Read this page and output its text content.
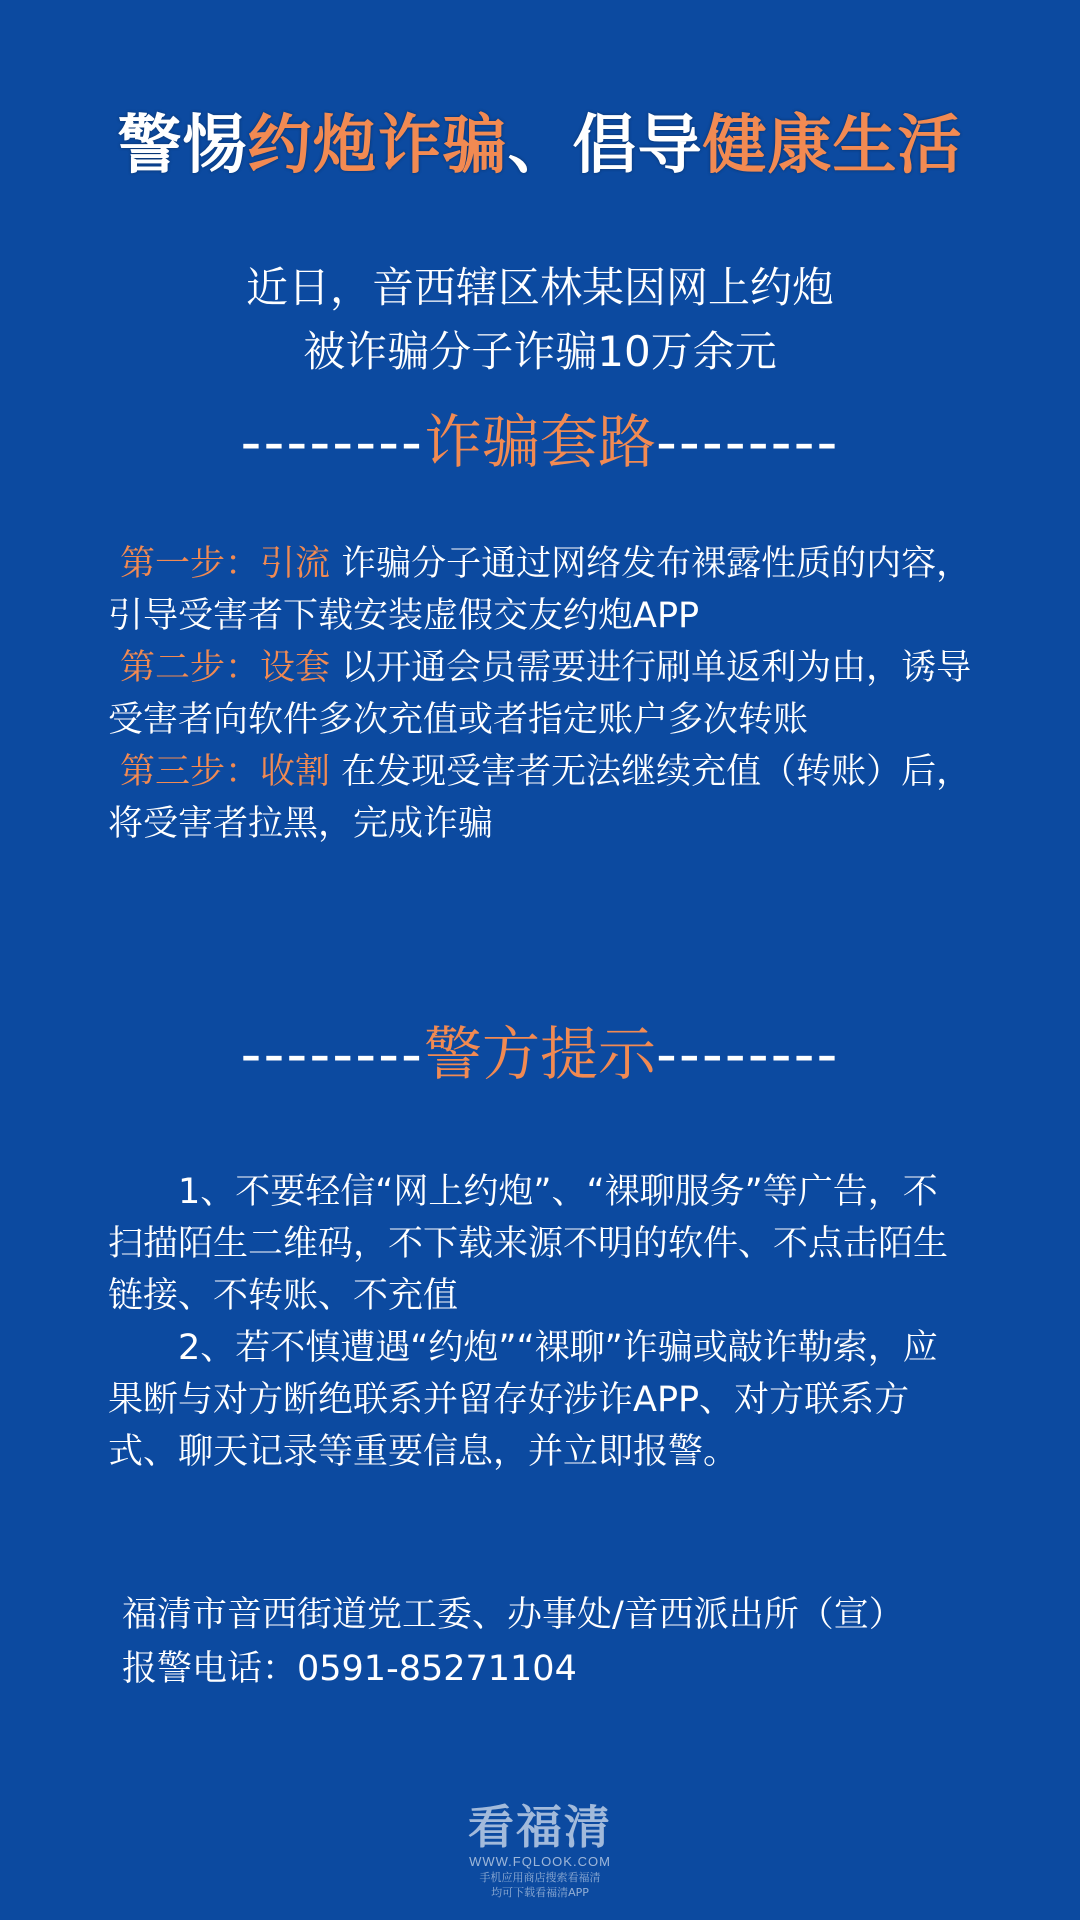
警惕约炮诈骗、倡导健康生活
近日，音西辖区林某因网上约炮
被诈骗分子诈骗10万余元
--------诈骗套路--------

第一步：引流 诈骗分子通过网络发布裸露性质的内容，引导受害者下载安装虚假交友约炮APP

第二步：设套 以开通会员需要进行刷单返利为由，诱导受害者向软件多次充值或者指定账户多次转账

第三步：收割 在发现受害者无法继续充值（转账）后，将受害者拉黑，完成诈骗

--------警方提示--------

1、不要轻信“网上约炮”、“裸聊服务”等广告，不扫描陌生二维码，不下载来源不明的软件、不点击陌生链接、不转账、不充值

2、若不慎遭遇“约炮”“裸聊”诈骗或敲诈勒索，应果断与对方断绝联系并留存好涉诈APP、对方联系方式、聊天记录等重要信息，并立即报警。

福清市音西街道党工委、办事处/音西派出所（宣）
报警电话：0591-85271104
看福清
WWW.FQLOOK.COM
手机应用商店搜索看福清
均可下载看福清APP
